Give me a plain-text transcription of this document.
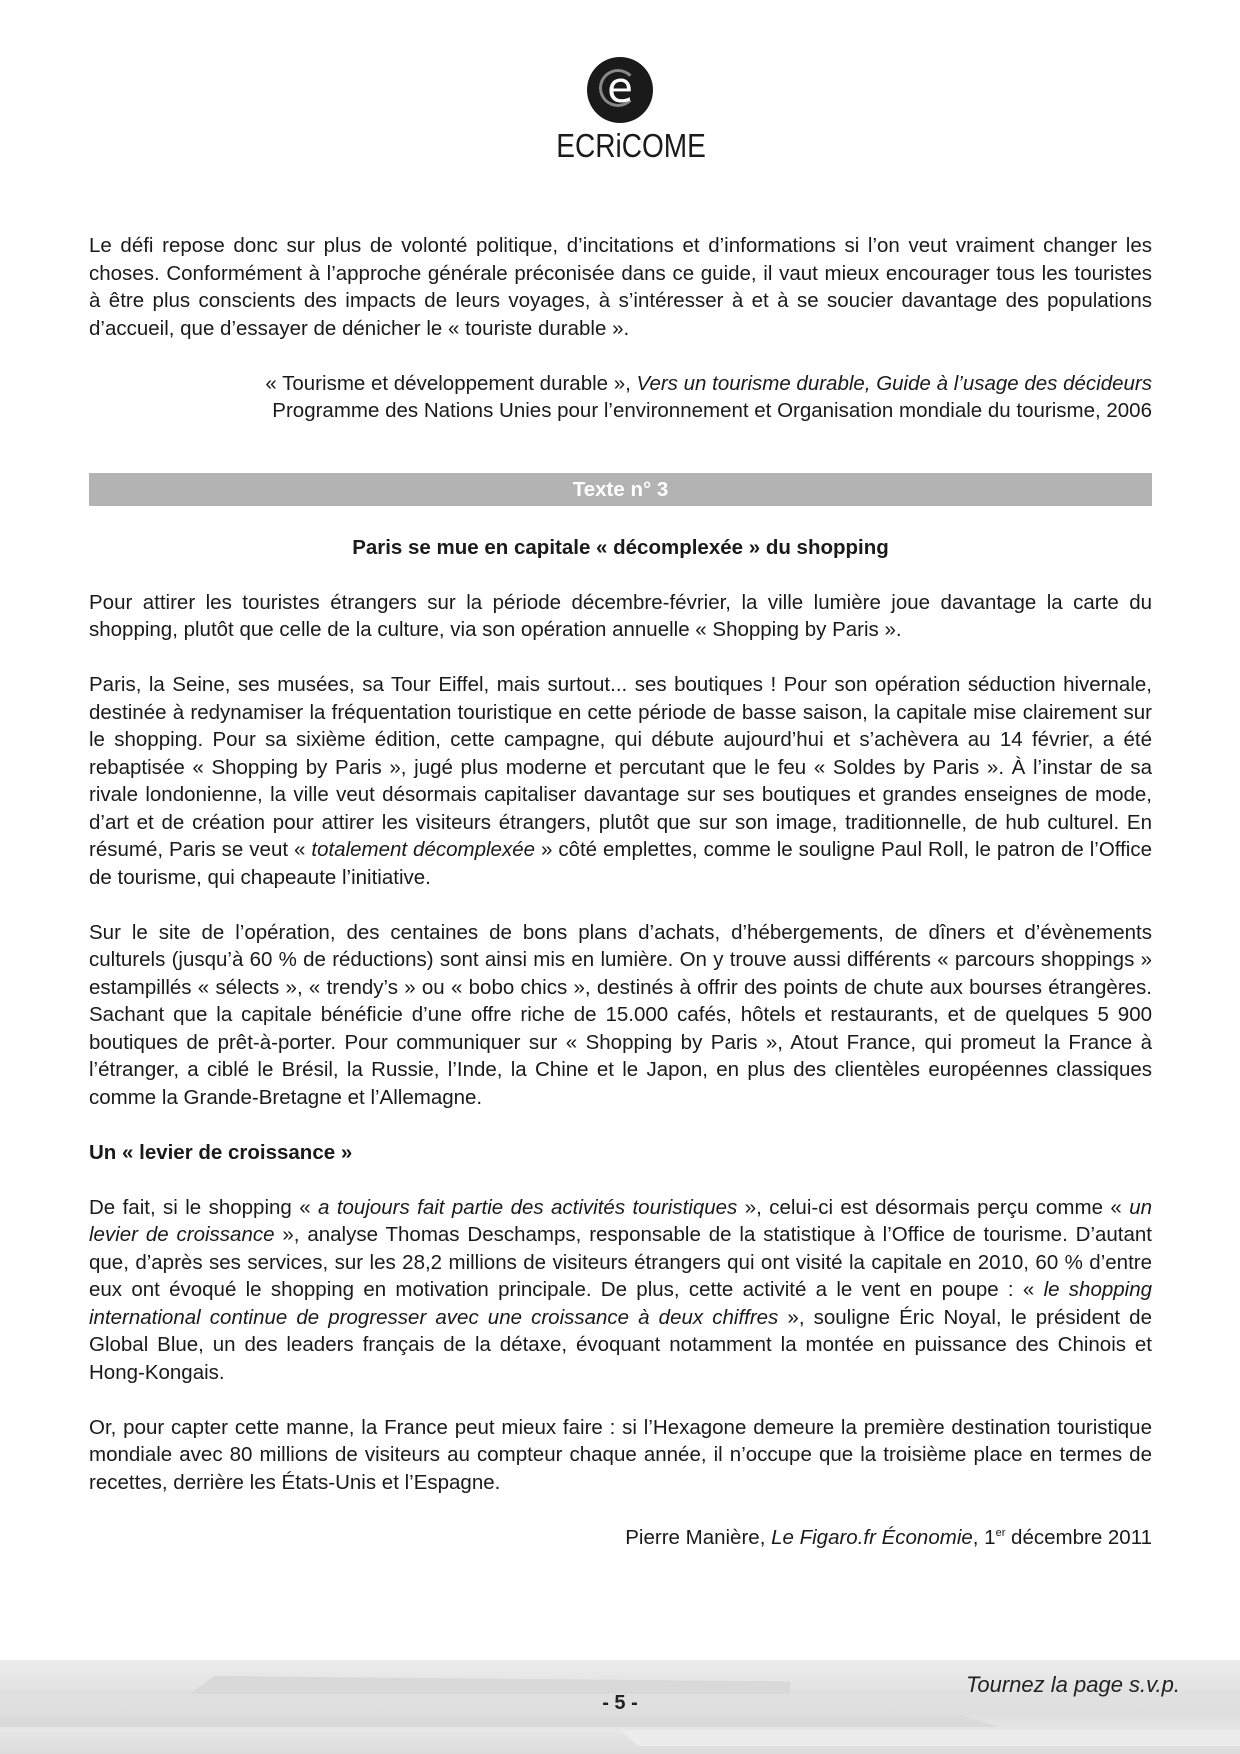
e
ECRiCOME

Le défi repose donc sur plus de volonté politique, d’incitations et d’informations si l’on veut vraiment changer les choses. Conformément à l’approche générale préconisée dans ce guide, il vaut mieux encourager tous les touristes à être plus conscients des impacts de leurs voyages, à s’intéresser à et à se soucier davantage des populations d’accueil, que d’essayer de dénicher le « touriste durable ».

« Tourisme et développement durable », Vers un tourisme durable, Guide à l’usage des décideurs
Programme des Nations Unies pour l’environnement et Organisation mondiale du tourisme, 2006

Texte n° 3

Paris se mue en capitale « décomplexée » du shopping

Pour attirer les touristes étrangers sur la période décembre-février, la ville lumière joue davantage la carte du shopping, plutôt que celle de la culture, via son opération annuelle « Shopping by Paris ».

Paris, la Seine, ses musées, sa Tour Eiffel, mais surtout... ses boutiques ! Pour son opération séduction hivernale, destinée à redynamiser la fréquentation touristique en cette période de basse saison, la capitale mise clairement sur le shopping. Pour sa sixième édition, cette campagne, qui débute aujourd’hui et s’achèvera au 14 février, a été rebaptisée « Shopping by Paris », jugé plus moderne et percutant que le feu « Soldes by Paris ». À l’instar de sa rivale londonienne, la ville veut désormais capitaliser davantage sur ses boutiques et grandes enseignes de mode, d’art et de création pour attirer les visiteurs étrangers, plutôt que sur son image, traditionnelle, de hub culturel. En résumé, Paris se veut « totalement décomplexée » côté emplettes, comme le souligne Paul Roll, le patron de l’Office de tourisme, qui chapeaute l’initiative.

Sur le site de l’opération, des centaines de bons plans d’achats, d’hébergements, de dîners et d’évènements culturels (jusqu’à 60 % de réductions) sont ainsi mis en lumière. On y trouve aussi différents « parcours shoppings » estampillés « sélects », « trendy’s » ou « bobo chics », destinés à offrir des points de chute aux bourses étrangères. Sachant que la capitale bénéficie d’une offre riche de 15.000 cafés, hôtels et restaurants, et de quelques 5 900 boutiques de prêt-à-porter. Pour communiquer sur « Shopping by Paris », Atout France, qui promeut la France à l’étranger, a ciblé le Brésil, la Russie, l’Inde, la Chine et le Japon, en plus des clientèles européennes classiques comme la Grande-Bretagne et l’Allemagne.

Un « levier de croissance »

De fait, si le shopping « a toujours fait partie des activités touristiques », celui-ci est désormais perçu comme « un levier de croissance », analyse Thomas Deschamps, responsable de la statistique à l’Office de tourisme. D’autant que, d’après ses services, sur les 28,2 millions de visiteurs étrangers qui ont visité la capitale en 2010, 60 % d’entre eux ont évoqué le shopping en motivation principale. De plus, cette activité a le vent en poupe : « le shopping international continue de progresser avec une croissance à deux chiffres », souligne Éric Noyal, le président de Global Blue, un des leaders français de la détaxe, évoquant notamment la montée en puissance des Chinois et Hong-Kongais.

Or, pour capter cette manne, la France peut mieux faire : si l’Hexagone demeure la première destination touristique mondiale avec 80 millions de visiteurs au compteur chaque année, il n’occupe que la troisième place en termes de recettes, derrière les États-Unis et l’Espagne.

Pierre Manière, Le Figaro.fr Économie, 1er décembre 2011

Tournez la page s.v.p.
- 5 -
